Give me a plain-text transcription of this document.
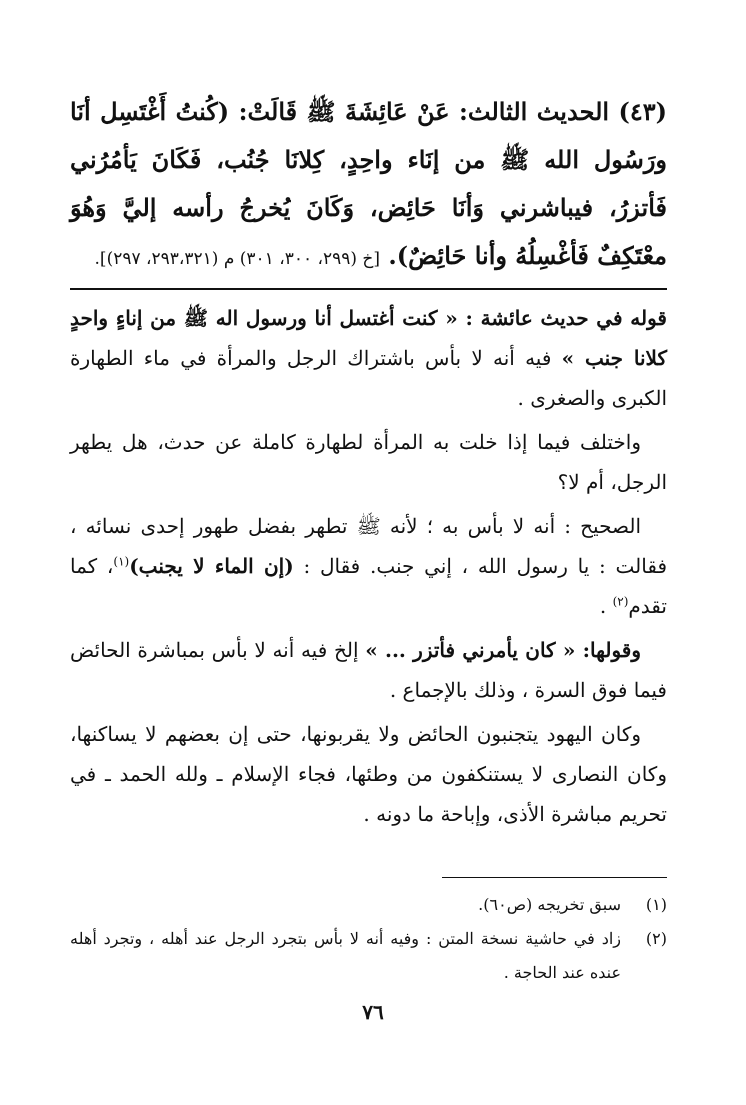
(٤٣) الحديث الثالث: عَنْ عَائِشَةَ ﷺ قَالَتْ: (كُنتُ أَغْتَسِل أنَا ورَسُول الله ﷺ من إنَاء واحِدٍ، كِلانَا جُنُب، فَكَانَ يَأمُرُني فَأتزرُ، فيباشرني وَأنَا حَائِض، وَكَانَ يُخرجُ رأسه إليَّ وَهُوَ معْتَكِفٌ فَأغْسِلُهُ وأنا حَائِضٌ). [خ (٢٩٩، ٣٠٠، ٣٠١) م (٢٩٣،٣٢١، ٢٩٧)].

قوله في حديث عائشة : « كنت أغتسل أنا ورسول اله ﷺ من إناءٍ واحدٍ كلانا جنب » فيه أنه لا بأس باشتراك الرجل والمرأة في ماء الطهارة الكبرى والصغرى .

واختلف فيما إذا خلت به المرأة لطهارة كاملة عن حدث، هل يطهر الرجل، أم لا؟

الصحيح : أنه لا بأس به ؛ لأنه ﷺ تطهر بفضل طهور إحدى نسائه ، فقالت : يا رسول الله ، إني جنب. فقال : (إن الماء لا يجنب)$^{(١)}$، كما تقدم$^{(٢)}$ .

وقولها: « كان يأمرني فأتزر ... » إلخ فيه أنه لا بأس بمباشرة الحائض فيما فوق السرة ، وذلك بالإجماع .

وكان اليهود يتجنبون الحائض ولا يقربونها، حتى إن بعضهم لا يساكنها، وكان النصارى لا يستنكفون من وطئها، فجاء الإسلام ـ ولله الحمد ـ في تحريم مباشرة الأذى، وإباحة ما دونه .

(١)
سبق تخريجه (ص٦٠).
(٢)
زاد في حاشية نسخة المتن : وفيه أنه لا بأس بتجرد الرجل عند أهله ، وتجرد أهله عنده عند الحاجة .
٧٦
